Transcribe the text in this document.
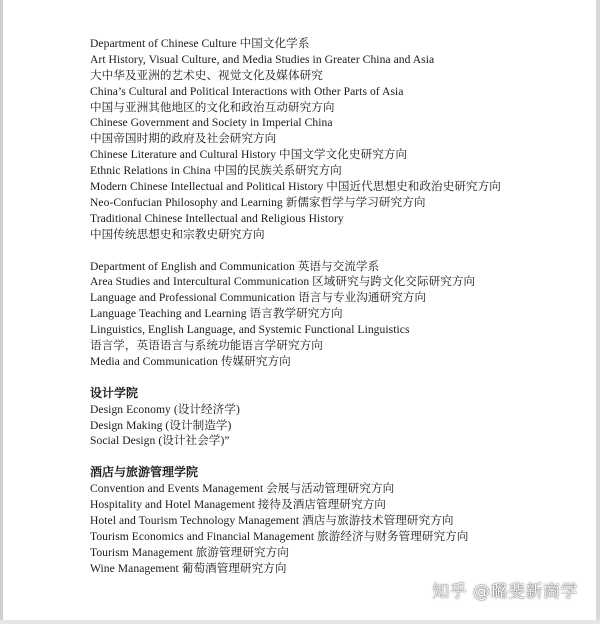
Department of Chinese Culture 中国文化学系
Art History, Visual Culture, and Media Studies in Greater China and Asia
大中华及亚洲的艺术史、视觉文化及媒体研究
China’s Cultural and Political Interactions with Other Parts of Asia
中国与亚洲其他地区的文化和政治互动研究方向
Chinese Government and Society in Imperial China
中国帝国时期的政府及社会研究方向
Chinese Literature and Cultural History 中国文学文化史研究方向
Ethnic Relations in China 中国的民族关系研究方向
Modern Chinese Intellectual and Political History 中国近代思想史和政治史研究方向
Neo-Confucian Philosophy and Learning 新儒家哲学与学习研究方向
Traditional Chinese Intellectual and Religious History
中国传统思想史和宗教史研究方向
Department of English and Communication 英语与交流学系
Area Studies and Intercultural Communication 区域研究与跨文化交际研究方向
Language and Professional Communication 语言与专业沟通研究方向
Language Teaching and Learning 语言教学研究方向
Linguistics, English Language, and Systemic Functional Linguistics
语言学，英语语言与系统功能语言学研究方向
Media and Communication 传媒研究方向
设计学院
Design Economy (设计经济学)
Design Making (设计制造学)
Social Design (设计社会学)”
酒店与旅游管理学院
Convention and Events Management 会展与活动管理研究方向
Hospitality and Hotel Management 接待及酒店管理研究方向
Hotel and Tourism Technology Management 酒店与旅游技术管理研究方向
Tourism Economics and Financial Management 旅游经济与财务管理研究方向
Tourism Management 旅游管理研究方向
Wine Management 葡萄酒管理研究方向
知乎 @璐斐新商学
